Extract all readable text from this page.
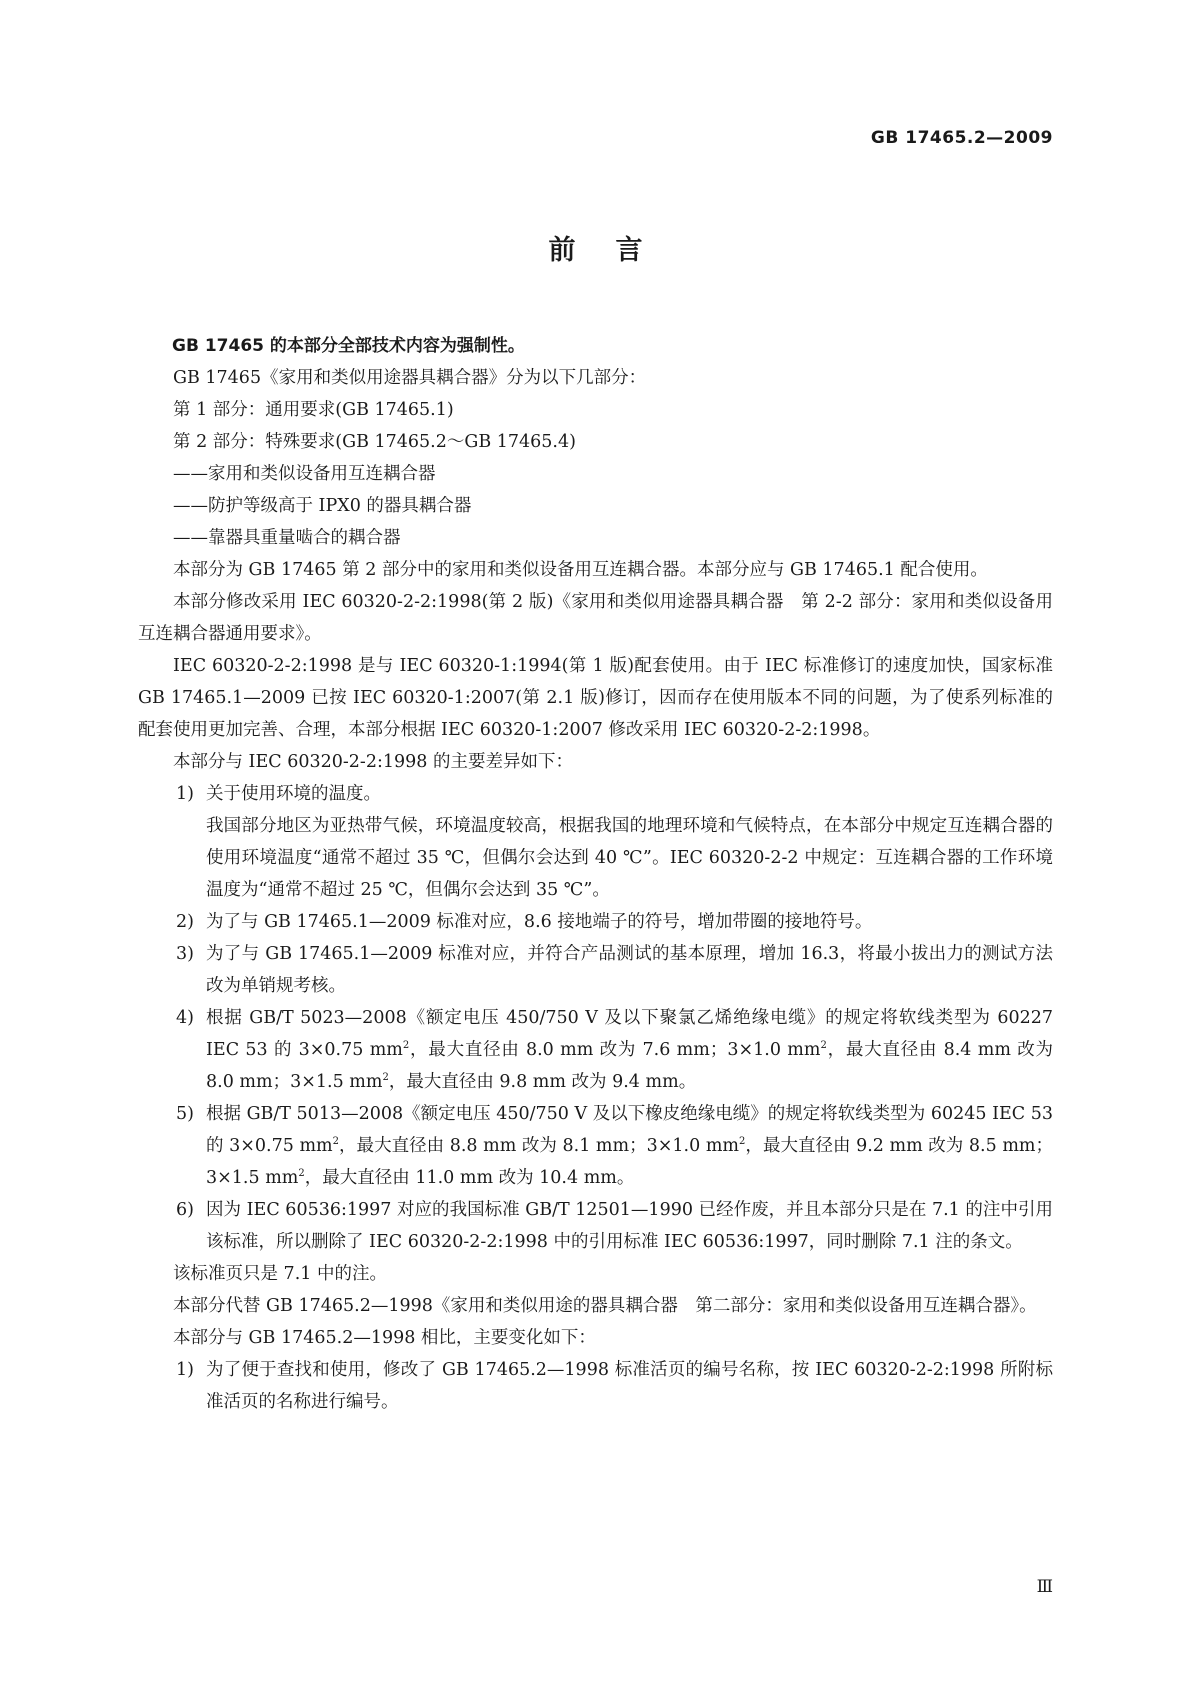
GB 17465.2—2009
前言

GB 17465 的本部分全部技术内容为强制性。

GB 17465《家用和类似用途器具耦合器》分为以下几部分：

第 1 部分：通用要求(GB 17465.1)

第 2 部分：特殊要求(GB 17465.2～GB 17465.4)

——家用和类似设备用互连耦合器

——防护等级高于 IPX0 的器具耦合器

——靠器具重量啮合的耦合器

本部分为 GB 17465 第 2 部分中的家用和类似设备用互连耦合器。本部分应与 GB 17465.1 配合使用。

本部分修改采用 IEC 60320-2-2:1998(第 2 版)《家用和类似用途器具耦合器　第 2-2 部分：家用和类似设备用互连耦合器通用要求》。

IEC 60320-2-2:1998 是与 IEC 60320-1:1994(第 1 版)配套使用。由于 IEC 标准修订的速度加快，国家标准 GB 17465.1—2009 已按 IEC 60320-1:2007(第 2.1 版)修订，因而存在使用版本不同的问题，为了使系列标准的配套使用更加完善、合理，本部分根据 IEC 60320-1:2007 修改采用 IEC 60320-2-2:1998。

本部分与 IEC 60320-2-2:1998 的主要差异如下：

1) 关于使用环境的温度。

我国部分地区为亚热带气候，环境温度较高，根据我国的地理环境和气候特点，在本部分中规定互连耦合器的使用环境温度“通常不超过 35 ℃，但偶尔会达到 40 ℃”。IEC 60320-2-2 中规定：互连耦合器的工作环境温度为“通常不超过 25 ℃，但偶尔会达到 35 ℃”。

2) 为了与 GB 17465.1—2009 标准对应，8.6 接地端子的符号，增加带圈的接地符号。

3) 为了与 GB 17465.1—2009 标准对应，并符合产品测试的基本原理，增加 16.3，将最小拔出力的测试方法改为单销规考核。

4) 根据 GB/T 5023—2008《额定电压 450/750 V 及以下聚氯乙烯绝缘电缆》的规定将软线类型为 60227 IEC 53 的 3×0.75 $mm^2$，最大直径由 8.0 mm 改为 7.6 mm；3×1.0 $mm^2$，最大直径由 8.4 mm 改为 8.0 mm；3×1.5 $mm^2$，最大直径由 9.8 mm 改为 9.4 mm。

5) 根据 GB/T 5013—2008《额定电压 450/750 V 及以下橡皮绝缘电缆》的规定将软线类型为 60245 IEC 53 的 3×0.75 $mm^2$，最大直径由 8.8 mm 改为 8.1 mm；3×1.0 $mm^2$，最大直径由 9.2 mm 改为 8.5 mm；3×1.5 $mm^2$，最大直径由 11.0 mm 改为 10.4 mm。

6) 因为 IEC 60536:1997 对应的我国标准 GB/T 12501—1990 已经作废，并且本部分只是在 7.1 的注中引用该标准，所以删除了 IEC 60320-2-2:1998 中的引用标准 IEC 60536:1997，同时删除 7.1 注的条文。

该标准页只是 7.1 中的注。

本部分代替 GB 17465.2—1998《家用和类似用途的器具耦合器　第二部分：家用和类似设备用互连耦合器》。

本部分与 GB 17465.2—1998 相比，主要变化如下：

1) 为了便于查找和使用，修改了 GB 17465.2—1998 标准活页的编号名称，按 IEC 60320-2-2:1998 所附标准活页的名称进行编号。

Ⅲ
